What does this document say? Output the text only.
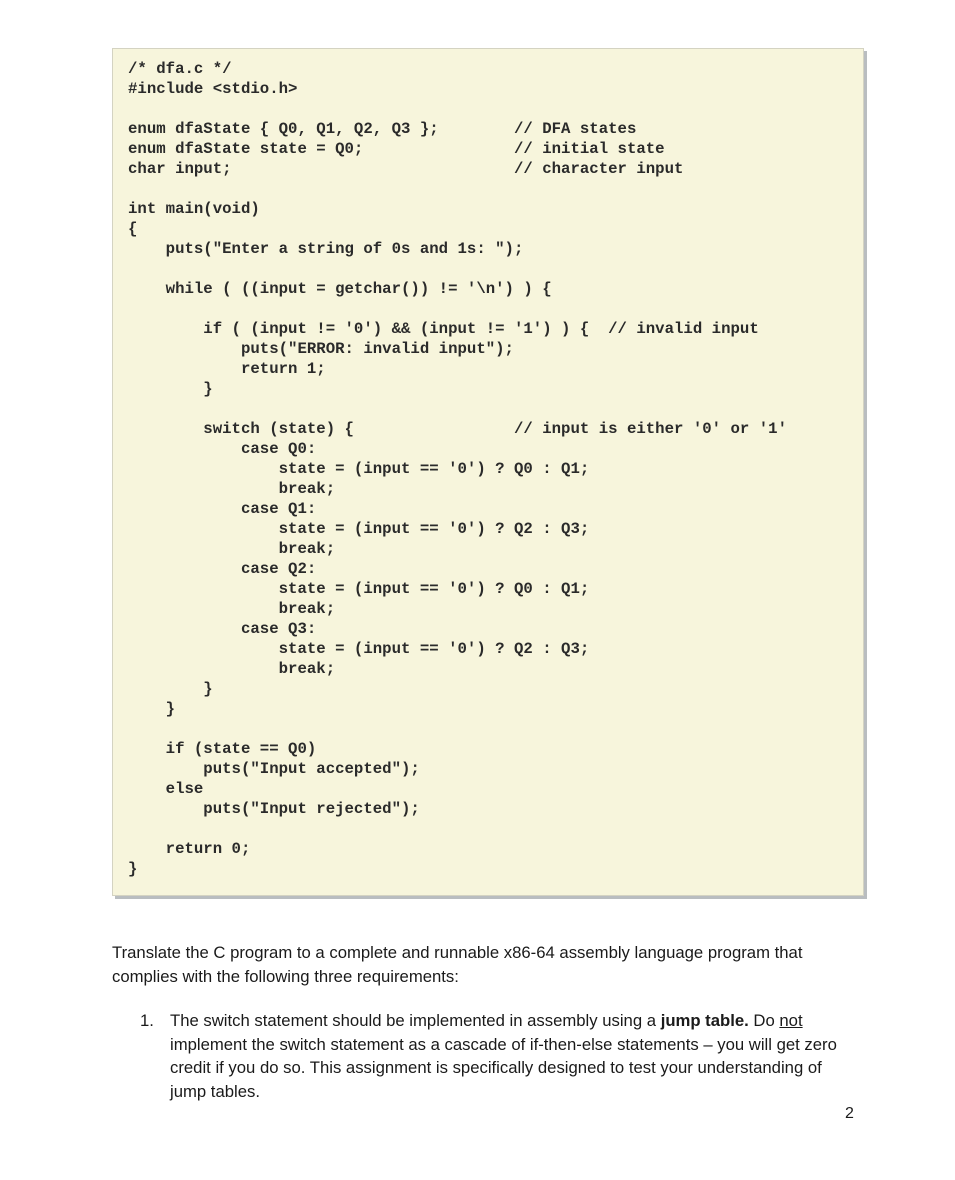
/* dfa.c */
#include <stdio.h>
enum dfaState { Q0, Q1, Q2, Q3 };        // DFA states
enum dfaState state = Q0;                // initial state
char input;                              // character input
int main(void)
{
puts("Enter a string of 0s and 1s: ");
while ( ((input = getchar()) != '\n') ) {
if ( (input != '0') && (input != '1') ) {  // invalid input
puts("ERROR: invalid input");
return 1;
}
switch (state) {                 // input is either '0' or '1'
case Q0:
state = (input == '0') ? Q0 : Q1;
break;
case Q1:
state = (input == '0') ? Q2 : Q3;
break;
case Q2:
state = (input == '0') ? Q0 : Q1;
break;
case Q3:
state = (input == '0') ? Q2 : Q3;
break;
}
}
if (state == Q0)
puts("Input accepted");
else
puts("Input rejected");
return 0;
}
Translate the C program to a complete and runnable x86-64 assembly language program that complies with the following three requirements:
1. The switch statement should be implemented in assembly using a jump table. Do not implement the switch statement as a cascade of if-then-else statements – you will get zero credit if you do so. This assignment is specifically designed to test your understanding of jump tables.
2
